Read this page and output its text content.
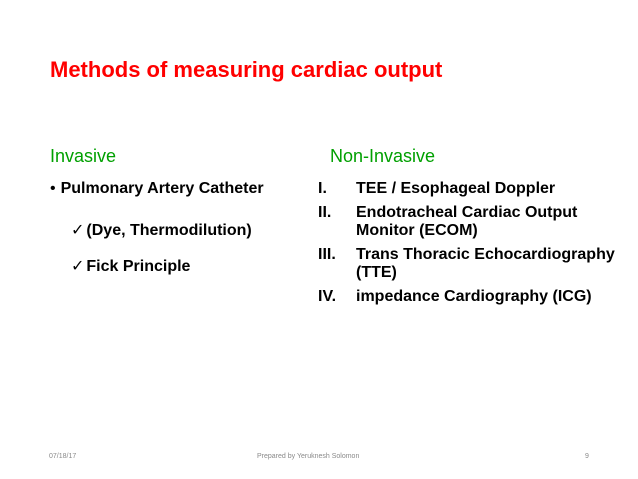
Methods of measuring cardiac output
Invasive	Non-Invasive
• Pulmonary Artery Catheter
✓ (Dye, Thermodilution)
✓ Fick Principle
I.	TEE / Esophageal Doppler
II.	Endotracheal Cardiac Output Monitor (ECOM)
III.	Trans Thoracic Echocardiography (TTE)
IV.	impedance Cardiography (ICG)
07/18/17	Prepared by Yeruknesh Solomon	9
